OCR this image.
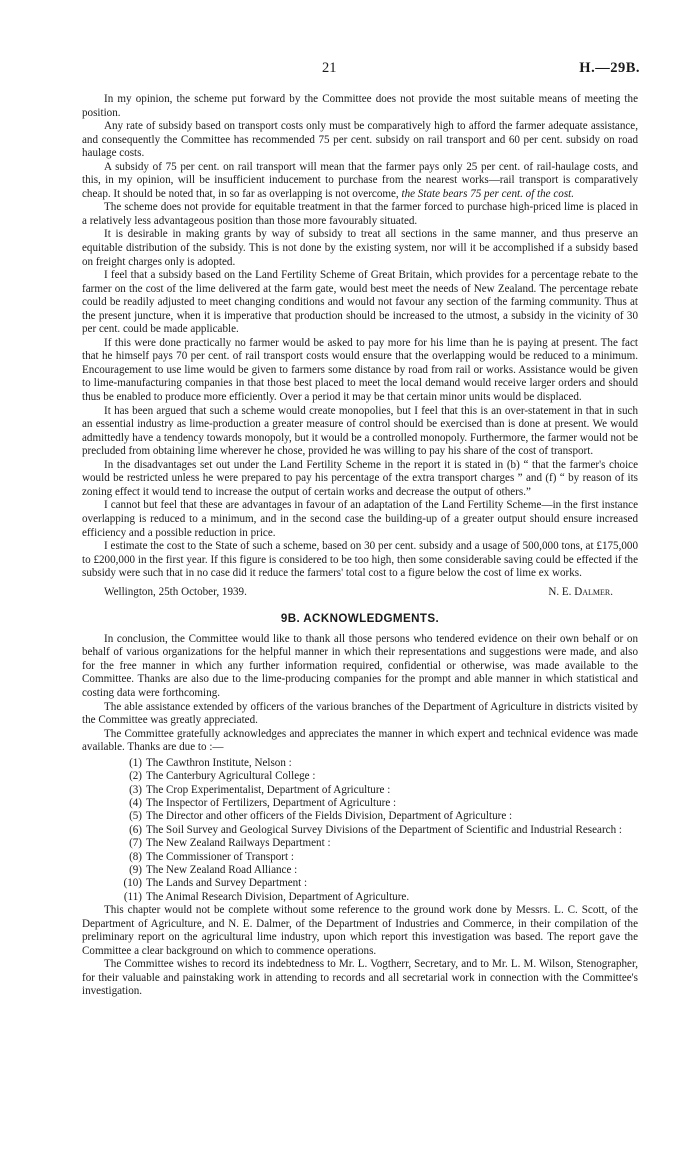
21	H.—29B.

In my opinion, the scheme put forward by the Committee does not provide the most suitable means of meeting the position.

Any rate of subsidy based on transport costs only must be comparatively high to afford the farmer adequate assistance, and consequently the Committee has recommended 75 per cent. subsidy on rail transport and 60 per cent. subsidy on road haulage costs.

A subsidy of 75 per cent. on rail transport will mean that the farmer pays only 25 per cent. of rail-haulage costs, and this, in my opinion, will be insufficient inducement to purchase from the nearest works—rail transport is comparatively cheap. It should be noted that, in so far as overlapping is not overcome, the State bears 75 per cent. of the cost.

The scheme does not provide for equitable treatment in that the farmer forced to purchase high-priced lime is placed in a relatively less advantageous position than those more favourably situated.

It is desirable in making grants by way of subsidy to treat all sections in the same manner, and thus preserve an equitable distribution of the subsidy. This is not done by the existing system, nor will it be accomplished if a subsidy based on freight charges only is adopted.

I feel that a subsidy based on the Land Fertility Scheme of Great Britain, which provides for a percentage rebate to the farmer on the cost of the lime delivered at the farm gate, would best meet the needs of New Zealand. The percentage rebate could be readily adjusted to meet changing conditions and would not favour any section of the farming community. Thus at the present juncture, when it is imperative that production should be increased to the utmost, a subsidy in the vicinity of 30 per cent. could be made applicable.

If this were done practically no farmer would be asked to pay more for his lime than he is paying at present. The fact that he himself pays 70 per cent. of rail transport costs would ensure that the overlapping would be reduced to a minimum. Encouragement to use lime would be given to farmers some distance by road from rail or works. Assistance would be given to lime-manufacturing companies in that those best placed to meet the local demand would receive larger orders and should thus be enabled to produce more efficiently. Over a period it may be that certain minor units would be displaced.

It has been argued that such a scheme would create monopolies, but I feel that this is an over-statement in that in such an essential industry as lime-production a greater measure of control should be exercised than is done at present. We would admittedly have a tendency towards monopoly, but it would be a controlled monopoly. Furthermore, the farmer would not be precluded from obtaining lime wherever he chose, provided he was willing to pay his share of the cost of transport.

In the disadvantages set out under the Land Fertility Scheme in the report it is stated in (b) “ that the farmer's choice would be restricted unless he were prepared to pay his percentage of the extra transport charges ” and (f) “ by reason of its zoning effect it would tend to increase the output of certain works and decrease the output of others.”

I cannot but feel that these are advantages in favour of an adaptation of the Land Fertility Scheme—in the first instance overlapping is reduced to a minimum, and in the second case the building-up of a greater output should ensure increased efficiency and a possible reduction in price.

I estimate the cost to the State of such a scheme, based on 30 per cent. subsidy and a usage of 500,000 tons, at £175,000 to £200,000 in the first year. If this figure is considered to be too high, then some considerable saving could be effected if the subsidy were such that in no case did it reduce the farmers' total cost to a figure below the cost of lime ex works.

Wellington, 25th October, 1939.	N. E. Dalmer.
9B. ACKNOWLEDGMENTS.

In conclusion, the Committee would like to thank all those persons who tendered evidence on their own behalf or on behalf of various organizations for the helpful manner in which their representations and suggestions were made, and also for the free manner in which any further information required, confidential or otherwise, was made available to the Committee. Thanks are also due to the lime-producing companies for the prompt and able manner in which statistical and costing data were forthcoming.

The able assistance extended by officers of the various branches of the Department of Agriculture in districts visited by the Committee was greatly appreciated.

The Committee gratefully acknowledges and appreciates the manner in which expert and technical evidence was made available. Thanks are due to :—

(1) The Cawthron Institute, Nelson :
(2) The Canterbury Agricultural College :
(3) The Crop Experimentalist, Department of Agriculture :
(4) The Inspector of Fertilizers, Department of Agriculture :
(5) The Director and other officers of the Fields Division, Department of Agriculture :
(6) The Soil Survey and Geological Survey Divisions of the Department of Scientific and Industrial Research :
(7) The New Zealand Railways Department :
(8) The Commissioner of Transport :
(9) The New Zealand Road Alliance :
(10) The Lands and Survey Department :
(11) The Animal Research Division, Department of Agriculture.

This chapter would not be complete without some reference to the ground work done by Messrs. L. C. Scott, of the Department of Agriculture, and N. E. Dalmer, of the Department of Industries and Commerce, in their compilation of the preliminary report on the agricultural lime industry, upon which report this investigation was based. The report gave the Committee a clear background on which to commence operations.

The Committee wishes to record its indebtedness to Mr. L. Vogtherr, Secretary, and to Mr. L. M. Wilson, Stenographer, for their valuable and painstaking work in attending to records and all secretarial work in connection with the Committee's investigation.
